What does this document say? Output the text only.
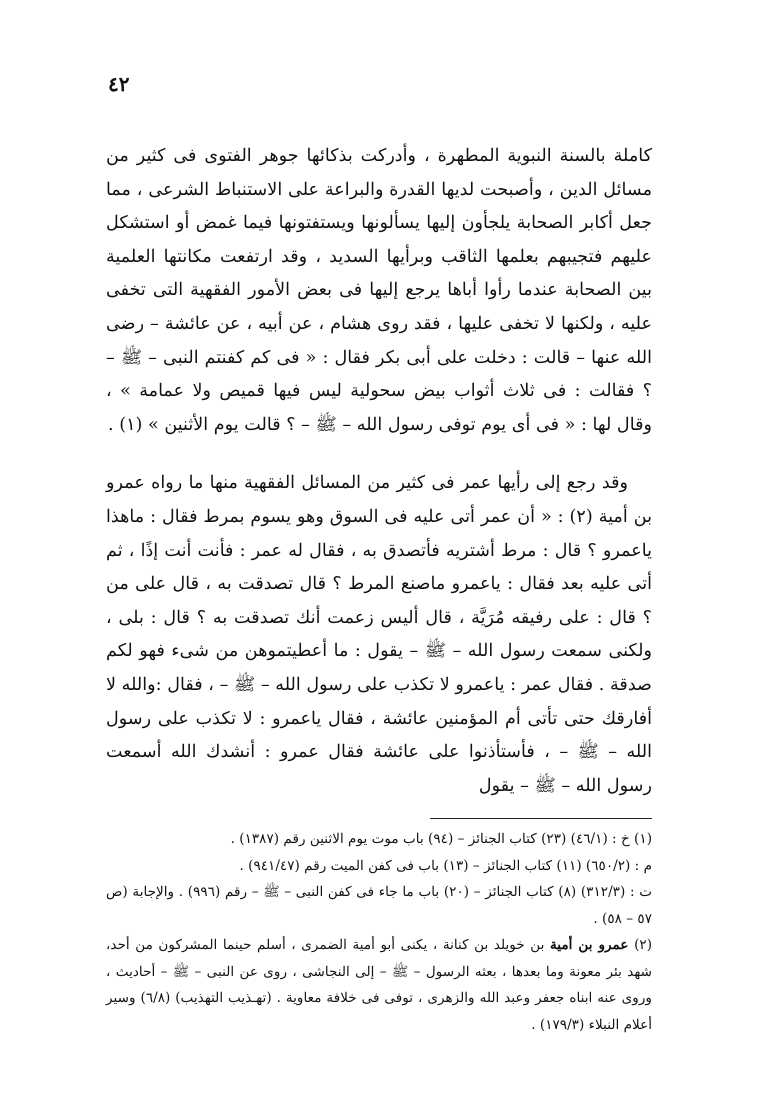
٤٢

كاملة بالسنة النبوية المطهرة ، وأدركت بذكائها جوهر الفتوى فى كثير من مسائل الدين ، وأصبحت لديها القدرة والبراعة على الاستنباط الشرعى ، مما جعل أكابر الصحابة يلجأون إليها يسألونها ويستفتونها فيما غمض أو استشكل عليهم فتجيبهم بعلمها الثاقب وبرأيها السديد ، وقد ارتفعت مكانتها العلمية بين الصحابة عندما رأوا أباها يرجع إليها فى بعض الأمور الفقهية التى تخفى عليه ، ولكنها لا تخفى عليها ، فقد روى هشام ، عن أبيه ، عن عائشة – رضى الله عنها – قالت : دخلت على أبى بكر فقال : « فى كم كفنتم النبى – ﷺ – ؟ فقالت : فى ثلاث أثواب بيض سحولية ليس فيها قميص ولا عمامة » ، وقال لها : « فى أى يوم توفى رسول الله – ﷺ – ؟ قالت يوم الأثنين » (١) .

وقد رجع إلى رأيها عمر فى كثير من المسائل الفقهية منها ما رواه عمرو بن أمية (٢) : « أن عمر أتى عليه فى السوق وهو يسوم بمرط فقال : ماهذا ياعمرو ؟ قال : مرط أشتريه فأتصدق به ، فقال له عمر : فأنت أنت إذًا ، ثم أتى عليه بعد فقال : ياعمرو ماصنع المرط ؟ قال تصدقت به ، قال على من ؟ قال : على رفيقه مُرَيَّة ، قال أليس زعمت أنك تصدقت به ؟ قال : بلى ، ولكنى سمعت رسول الله – ﷺ – يقول : ما أعطيتموهن من شىء فهو لكم صدقة . فقال عمر : ياعمرو لا تكذب على رسول الله – ﷺ – ، فقال :والله لا أفارقك حتى تأتى أم المؤمنين عائشة ، فقال ياعمرو : لا تكذب على رسول الله – ﷺ – ، فأستأذنوا على عائشة فقال عمرو : أنشدك الله أسمعت رسول الله – ﷺ – يقول

(١) خ : (٤٦/١) (٢٣) كتاب الجنائز – (٩٤) باب موت يوم الاثنين رقم (١٣٨٧) .

م : (٦٥٠/٢) (١١) كتاب الجنائز – (١٣) باب فى كفن الميت رقم (٩٤١/٤٧) .

ت : (٣١٢/٣) (٨) كتاب الجنائز – (٢٠) باب ما جاء فى كفن النبى – ﷺ – رقم (٩٩٦) . والإجابة (ص ٥٧ – ٥٨) .

(٢) عمرو بن أمية بن خويلد بن كنانة ، يكنى أبو أمية الضمرى ، أسلم حينما المشركون من أحد، شهد بئر معونة وما بعدها ، بعثه الرسول – ﷺ – إلى النجاشى ، روى عن النبى – ﷺ – أحاديث ، وروى عنه ابناه جعفر وعبد الله والزهرى ، توفى فى خلافة معاوية . (تهـذيب التهذيب) (٦/٨) وسير أعلام النبلاء (١٧٩/٣) .
